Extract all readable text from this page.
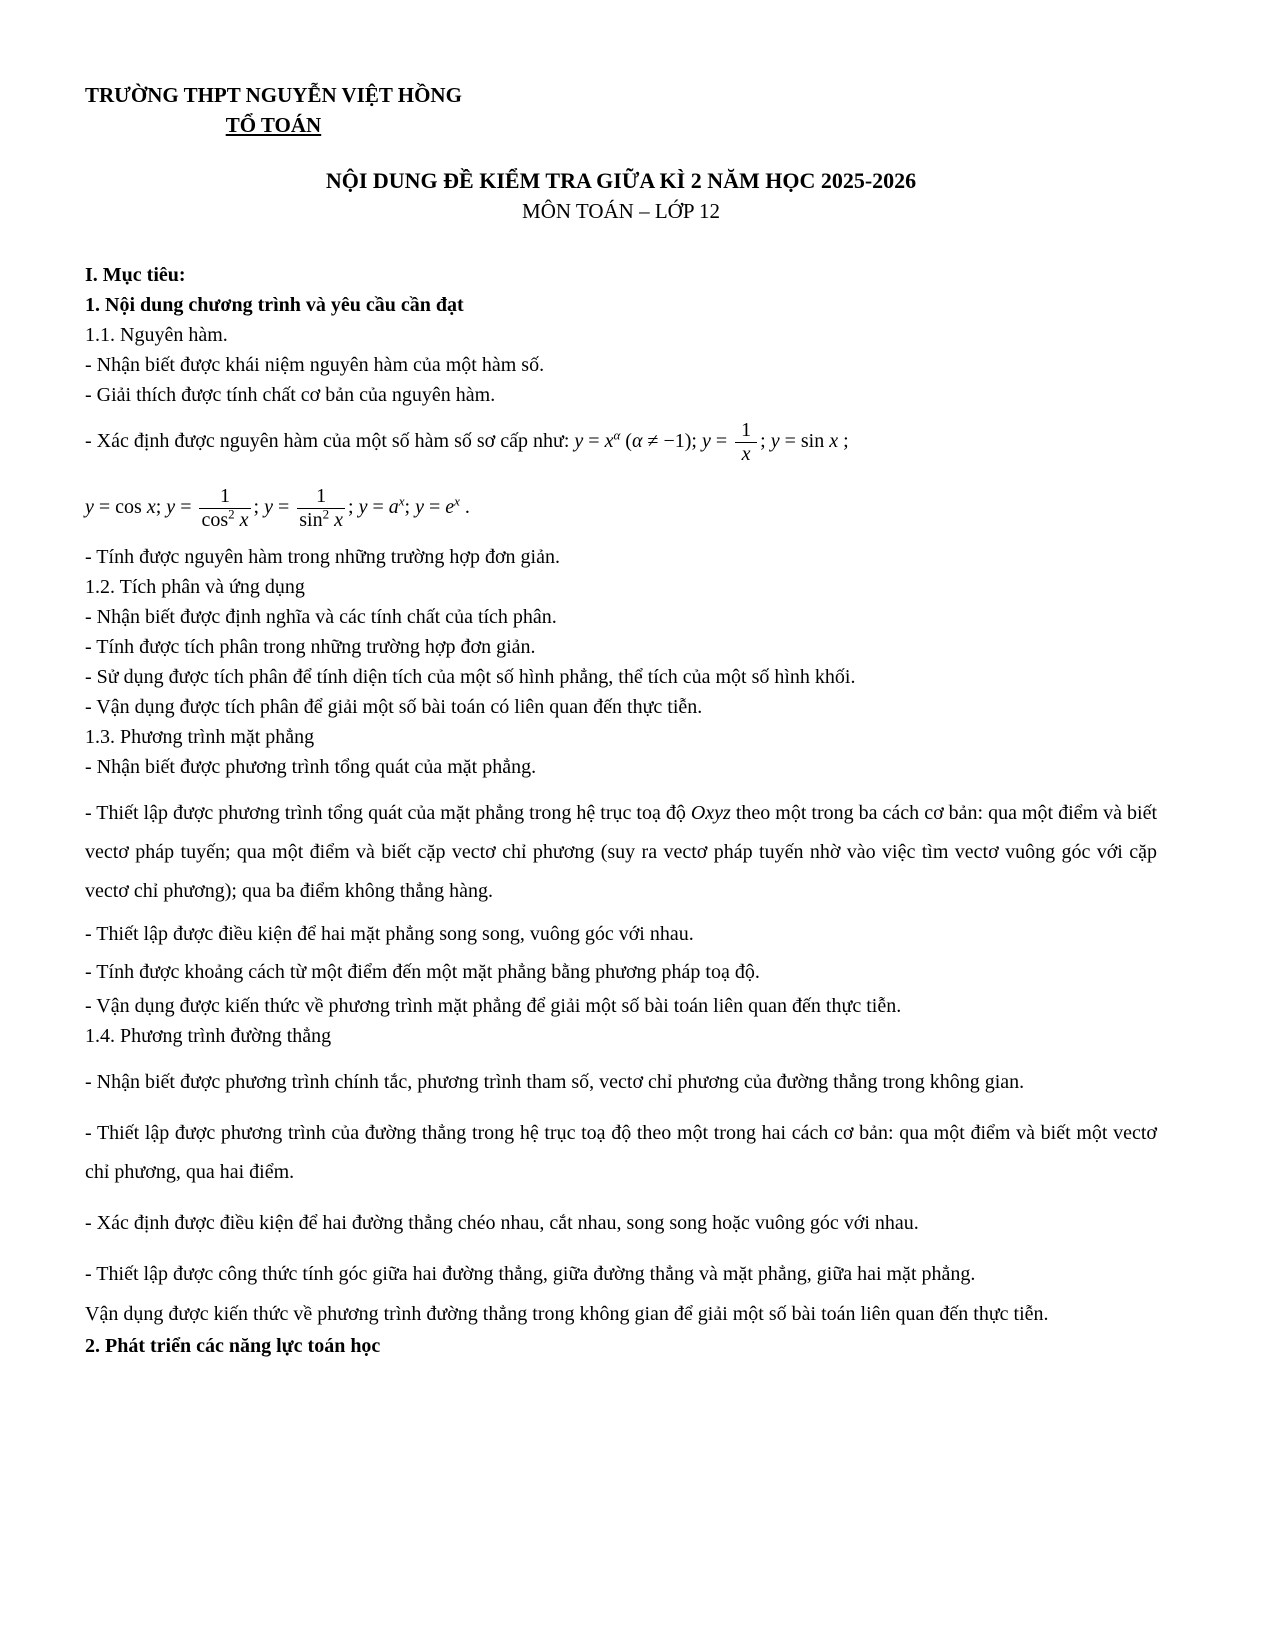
TRƯỜNG THPT NGUYỄN VIỆT HỒNG
TỔ TOÁN
NỘI DUNG ĐỀ KIỂM TRA GIỮA KÌ 2 NĂM HỌC 2025-2026
MÔN TOÁN – LỚP 12

I. Mục tiêu:

1. Nội dung chương trình và yêu cầu cần đạt

1.1. Nguyên hàm.

- Nhận biết được khái niệm nguyên hàm của một hàm số.

- Giải thích được tính chất cơ bản của nguyên hàm.

- Xác định được nguyên hàm của một số hàm số sơ cấp như: $y = x^\alpha$ (α ≠ −1); $y = \frac{1}{x}$ ; y = sin x ;

y = cos x; $y = \frac{1}{\cos^2 x}$ ; $y = \frac{1}{\sin^2 x}$ ; $y = a^x$; $y = e^x$ .

- Tính được nguyên hàm trong những trường hợp đơn giản.

1.2. Tích phân và ứng dụng

- Nhận biết được định nghĩa và các tính chất của tích phân.

- Tính được tích phân trong những trường hợp đơn giản.

- Sử dụng được tích phân để tính diện tích của một số hình phẳng, thể tích của một số hình khối.

- Vận dụng được tích phân để giải một số bài toán có liên quan đến thực tiễn.

1.3. Phương trình mặt phẳng

- Nhận biết được phương trình tổng quát của mặt phẳng.

- Thiết lập được phương trình tổng quát của mặt phẳng trong hệ trục toạ độ Oxyz theo một trong ba cách cơ bản: qua một điểm và biết vectơ pháp tuyến; qua một điểm và biết cặp vectơ chỉ phương (suy ra vectơ pháp tuyến nhờ vào việc tìm vectơ vuông góc với cặp vectơ chỉ phương); qua ba điểm không thẳng hàng.

- Thiết lập được điều kiện để hai mặt phẳng song song, vuông góc với nhau.

- Tính được khoảng cách từ một điểm đến một mặt phẳng bằng phương pháp toạ độ.

- Vận dụng được kiến thức về phương trình mặt phẳng để giải một số bài toán liên quan đến thực tiễn.

1.4. Phương trình đường thẳng

- Nhận biết được phương trình chính tắc, phương trình tham số, vectơ chỉ phương của đường thẳng trong không gian.

- Thiết lập được phương trình của đường thẳng trong hệ trục toạ độ theo một trong hai cách cơ bản: qua một điểm và biết một vectơ chỉ phương, qua hai điểm.

- Xác định được điều kiện để hai đường thẳng chéo nhau, cắt nhau, song song hoặc vuông góc với nhau.

- Thiết lập được công thức tính góc giữa hai đường thẳng, giữa đường thẳng và mặt phẳng, giữa hai mặt phẳng.

Vận dụng được kiến thức về phương trình đường thẳng trong không gian để giải một số bài toán liên quan đến thực tiễn.

2. Phát triển các năng lực toán học
